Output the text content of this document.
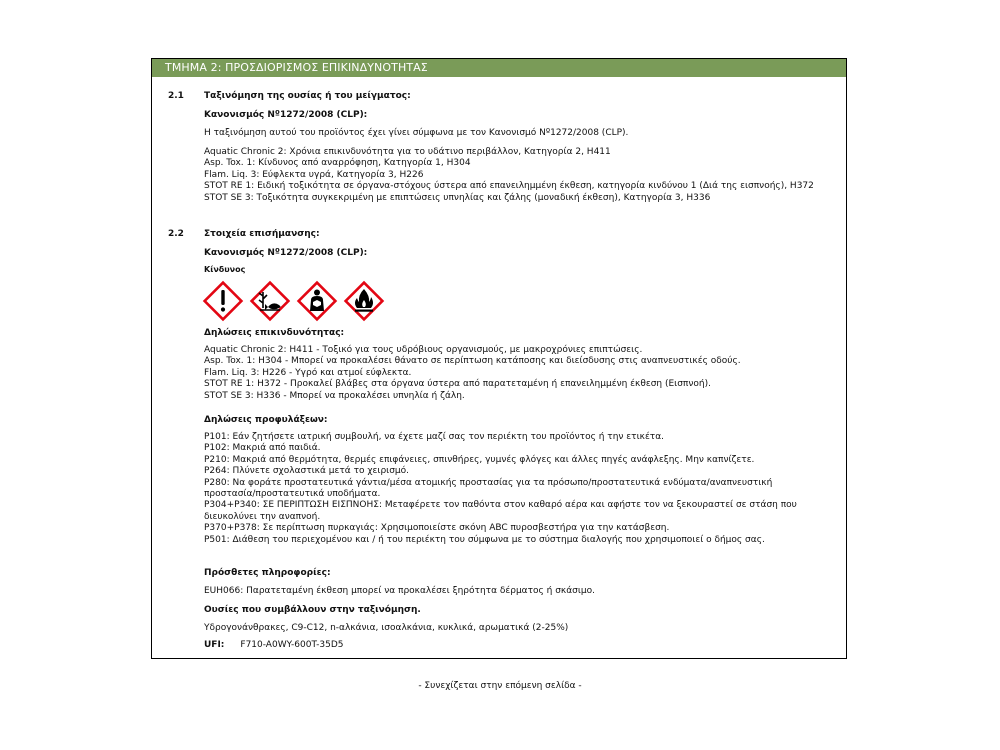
ΤΜΗΜΑ 2: ΠΡΟΣΔΙΟΡΙΣΜΟΣ ΕΠΙΚΙΝΔΥΝΟΤΗΤΑΣ
2.1 Ταξινόμηση της ουσίας ή του μείγματος:
Κανονισμός Nº1272/2008 (CLP):
Η ταξινόμηση αυτού του προϊόντος έχει γίνει σύμφωνα με τον Κανονισμό Nº1272/2008 (CLP).
Aquatic Chronic 2: Χρόνια επικινδυνότητα για το υδάτινο περιβάλλον, Κατηγορία 2, H411
Asp. Tox. 1: Κίνδυνος από αναρρόφηση, Κατηγορία 1, H304
Flam. Liq. 3: Εύφλεκτα υγρά, Κατηγορία 3, H226
STOT RE 1: Ειδική τοξικότητα σε όργανα-στόχους ύστερα από επανειλημμένη έκθεση, κατηγορία κινδύνου 1 (Διά της εισπνοής), H372
STOT SE 3: Τοξικότητα συγκεκριμένη με επιπτώσεις υπνηλίας και ζάλης (μοναδική έκθεση), Κατηγορία 3, H336
2.2 Στοιχεία επισήμανσης:
Κανονισμός Nº1272/2008 (CLP):
Κίνδυνος
Δηλώσεις επικινδυνότητας:
Aquatic Chronic 2: H411 - Τοξικό για τους υδρόβιους οργανισμούς, με μακροχρόνιες επιπτώσεις.
Asp. Tox. 1: H304 - Μπορεί να προκαλέσει θάνατο σε περίπτωση κατάποσης και διείσδυσης στις αναπνευστικές οδούς.
Flam. Liq. 3: H226 - Υγρό και ατμοί εύφλεκτα.
STOT RE 1: H372 - Προκαλεί βλάβες στα όργανα ύστερα από παρατεταμένη ή επανειλημμένη έκθεση (Εισπνοή).
STOT SE 3: H336 - Μπορεί να προκαλέσει υπνηλία ή ζάλη.
Δηλώσεις προφυλάξεων:
P101: Εάν ζητήσετε ιατρική συμβουλή, να έχετε μαζί σας τον περιέκτη του προϊόντος ή την ετικέτα.
P102: Μακριά από παιδιά.
P210: Μακριά από θερμότητα, θερμές επιφάνειες, σπινθήρες, γυμνές φλόγες και άλλες πηγές ανάφλεξης. Μην καπνίζετε.
P264: Πλύνετε σχολαστικά μετά το χειρισμό.
P280: Να φοράτε προστατευτικά γάντια/μέσα ατομικής προστασίας για τα πρόσωπο/προστατευτικά ενδύματα/αναπνευστική
προστασία/προστατευτικά υποδήματα.
P304+P340: ΣΕ ΠΕΡΙΠΤΩΣΗ ΕΙΣΠΝΟΗΣ: Μεταφέρετε τον παθόντα στον καθαρό αέρα και αφήστε τον να ξεκουραστεί σε στάση που
διευκολύνει την αναπνοή.
P370+P378: Σε περίπτωση πυρκαγιάς: Χρησιμοποιείστε σκόνη ABC πυροσβεστήρα για την κατάσβεση.
P501: Διάθεση του περιεχομένου και / ή του περιέκτη του σύμφωνα με το σύστημα διαλογής που χρησιμοποιεί ο δήμος σας.
Πρόσθετες πληροφορίες:
EUH066: Παρατεταμένη έκθεση μπορεί να προκαλέσει ξηρότητα δέρματος ή σκάσιμο.
Ουσίες που συμβάλλουν στην ταξινόμηση.
Υδρογονάνθρακες, C9-C12, n-αλκάνια, ισοαλκάνια, κυκλικά, αρωματικά (2-25%)
UFI: F710-A0WY-600T-35D5
- Συνεχίζεται στην επόμενη σελίδα -
